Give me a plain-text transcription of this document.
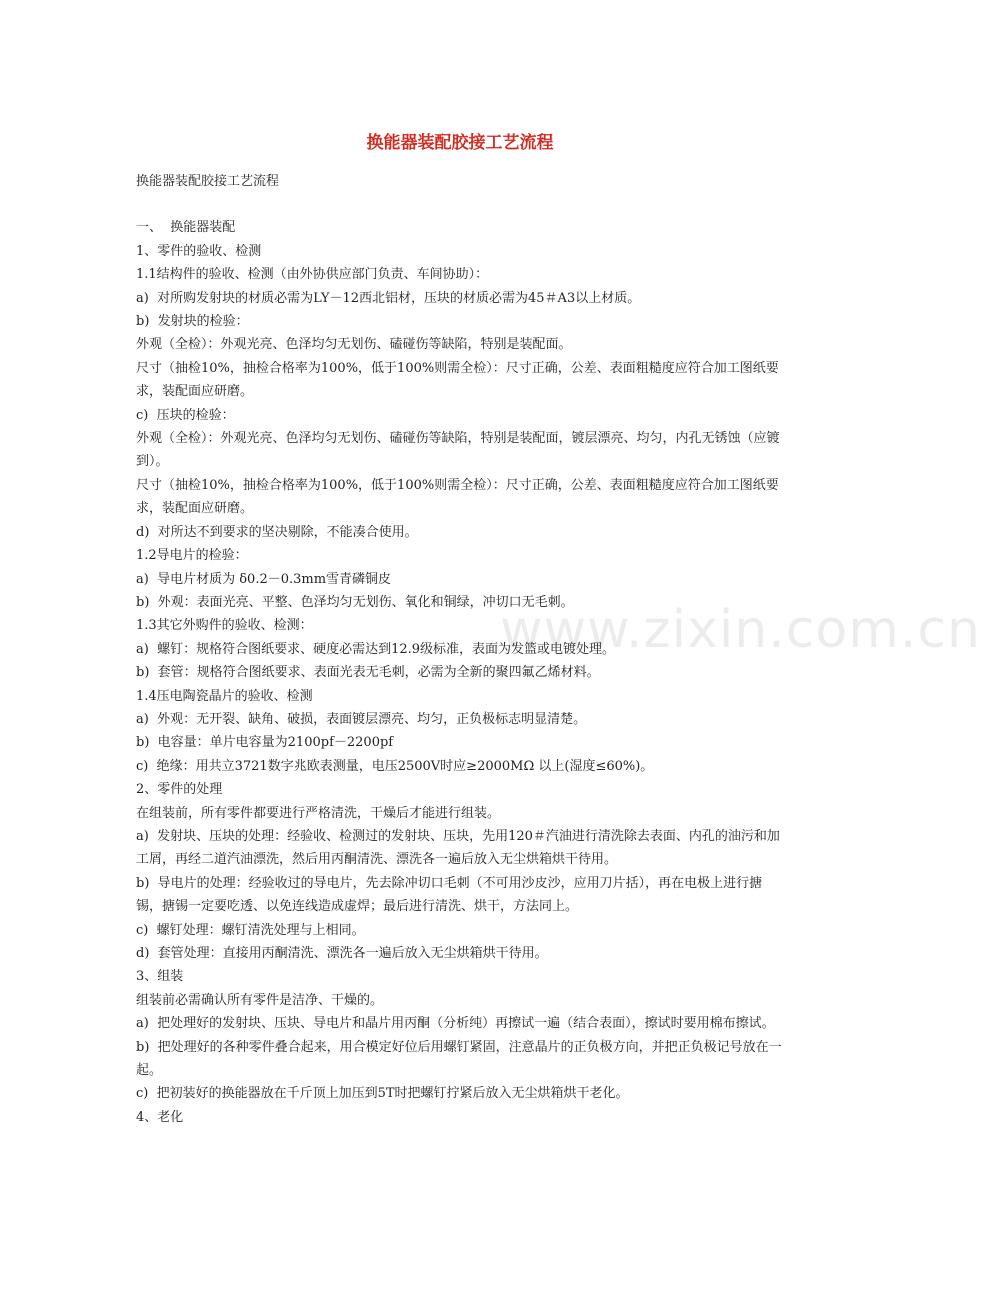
换能器装配胶接工艺流程
www.zixin.com.cn

换能器装配胶接工艺流程

一、  换能器装配

1、零件的验收、检测

1.1结构件的验收、检测（由外协供应部门负责、车间协助）：

a)  对所购发射块的材质必需为LY－12西北铝材，压块的材质必需为45＃A3以上材质。

b)  发射块的检验：

外观（全检）：外观光亮、色泽均匀无划伤、磕碰伤等缺陷，特别是装配面。

尺寸（抽检10%，抽检合格率为100%，低于100%则需全检）：尺寸正确，公差、表面粗糙度应符合加工图纸要求，装配面应研磨。

c)  压块的检验：

外观（全检）：外观光亮、色泽均匀无划伤、磕碰伤等缺陷，特别是装配面，镀层漂亮、均匀，内孔无锈蚀（应镀到）。

尺寸（抽检10%，抽检合格率为100%，低于100%则需全检）：尺寸正确，公差、表面粗糙度应符合加工图纸要求，装配面应研磨。

d)  对所达不到要求的坚决剔除，不能凑合使用。

1.2导电片的检验：

a)  导电片材质为 δ0.2－0.3mm雪青磷铜皮

b)  外观：表面光亮、平整、色泽均匀无划伤、氧化和铜绿，冲切口无毛刺。

1.3其它外购件的验收、检测：

a)  螺钉：规格符合图纸要求、硬度必需达到12.9级标准，表面为发篮或电镀处理。

b)  套管：规格符合图纸要求、表面光表无毛刺，必需为全新的聚四氟乙烯材料。

1.4压电陶瓷晶片的验收、检测

a)  外观：无开裂、缺角、破损，表面镀层漂亮、均匀，正负极标志明显清楚。

b)  电容量：单片电容量为2100pf－2200pf

c)  绝缘：用共立3721数字兆欧表测量，电压2500V时应≥2000MΩ 以上(湿度≤60%)。

2、零件的处理

在组装前，所有零件都要进行严格清洗，干燥后才能进行组装。

a)  发射块、压块的处理：经验收、检测过的发射块、压块，先用120＃汽油进行清洗除去表面、内孔的油污和加工屑，再经二道汽油漂洗，然后用丙酮清洗、漂洗各一遍后放入无尘烘箱烘干待用。

b)  导电片的处理：经验收过的导电片，先去除冲切口毛刺（不可用沙皮沙，应用刀片括），再在电极上进行搪锡，搪锡一定要吃透、以免连线造成虚焊；最后进行清洗、烘干，方法同上。

c)  螺钉处理：螺钉清洗处理与上相同。

d)  套管处理：直接用丙酮清洗、漂洗各一遍后放入无尘烘箱烘干待用。

3、组装

组装前必需确认所有零件是洁净、干燥的。

a)  把处理好的发射块、压块、导电片和晶片用丙酮（分析纯）再擦试一遍（结合表面），擦试时要用棉布擦试。

b)  把处理好的各种零件叠合起来，用合模定好位后用螺钉紧固，注意晶片的正负极方向，并把正负极记号放在一起。

c)  把初装好的换能器放在千斤顶上加压到5T时把螺钉拧紧后放入无尘烘箱烘干老化。

4、老化
